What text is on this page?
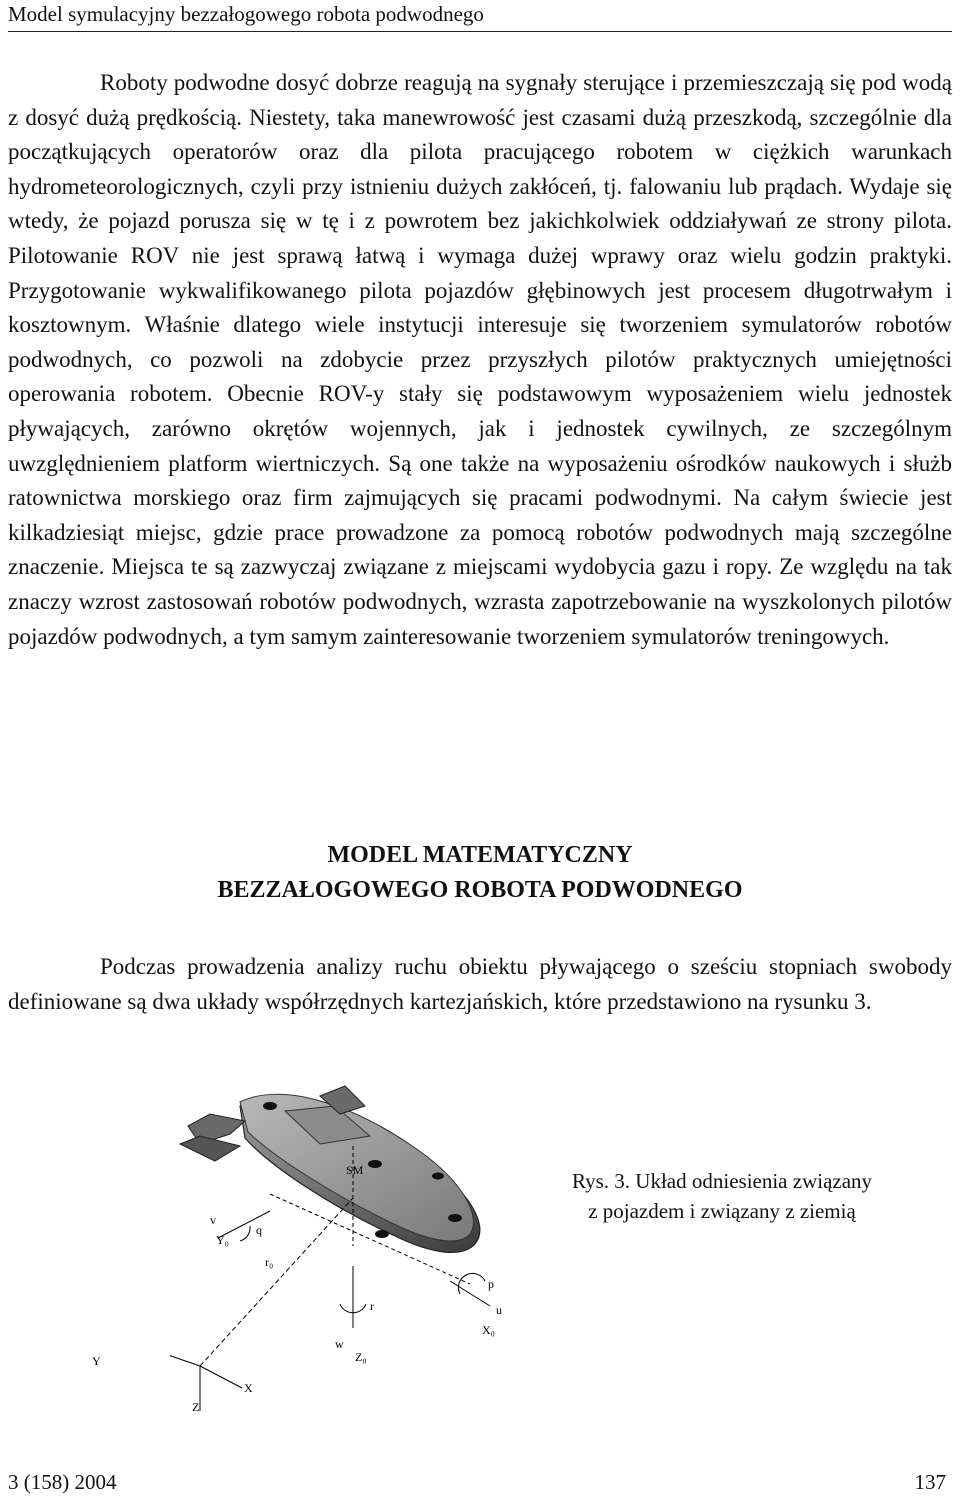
Model symulacyjny bezzałogowego robota podwodnego

Roboty podwodne dosyć dobrze reagują na sygnały sterujące i przemieszczają się pod wodą z dosyć dużą prędkością. Niestety, taka manewrowość jest czasami dużą przeszkodą, szczególnie dla początkujących operatorów oraz dla pilota pracującego robotem w ciężkich warunkach hydrometeorologicznych, czyli przy istnieniu dużych zakłóceń, tj. falowaniu lub prądach. Wydaje się wtedy, że pojazd porusza się w tę i z powrotem bez jakichkolwiek oddziaływań ze strony pilota. Pilotowanie ROV nie jest sprawą łatwą i wymaga dużej wprawy oraz wielu godzin praktyki. Przygotowanie wykwalifikowanego pilota pojazdów głębinowych jest procesem długotrwałym i kosztownym. Właśnie dlatego wiele instytucji interesuje się tworzeniem symulatorów robotów podwodnych, co pozwoli na zdobycie przez przyszłych pilotów praktycznych umiejętności operowania robotem. Obecnie ROV-y stały się podstawowym wyposażeniem wielu jednostek pływających, zarówno okrętów wojennych, jak i jednostek cywilnych, ze szczególnym uwzględnieniem platform wiertniczych. Są one także na wyposażeniu ośrodków naukowych i służb ratownictwa morskiego oraz firm zajmujących się pracami podwodnymi. Na całym świecie jest kilkadziesiąt miejsc, gdzie prace prowadzone za pomocą robotów podwodnych mają szczególne znaczenie. Miejsca te są zazwyczaj związane z miejscami wydobycia gazu i ropy. Ze względu na tak znaczy wzrost zastosowań robotów podwodnych, wzrasta zapotrzebowanie na wyszkolonych pilotów pojazdów podwodnych, a tym samym zainteresowanie tworzeniem symulatorów treningowych.

MODEL MATEMATYCZNY
BEZZAŁOGOWEGO ROBOTA PODWODNEGO

Podczas prowadzenia analizy ruchu obiektu pływającego o sześciu stopniach swobody definiowane są dwa układy współrzędnych kartezjańskich, które przedstawiono na rysunku 3.

SM
r₀
v
Y₀
q
r
w
Z₀
p
u
X₀
X
Z
Y
Rys. 3. Układ odniesienia związany
z pojazdem i związany z ziemią
3 (158) 2004	137
